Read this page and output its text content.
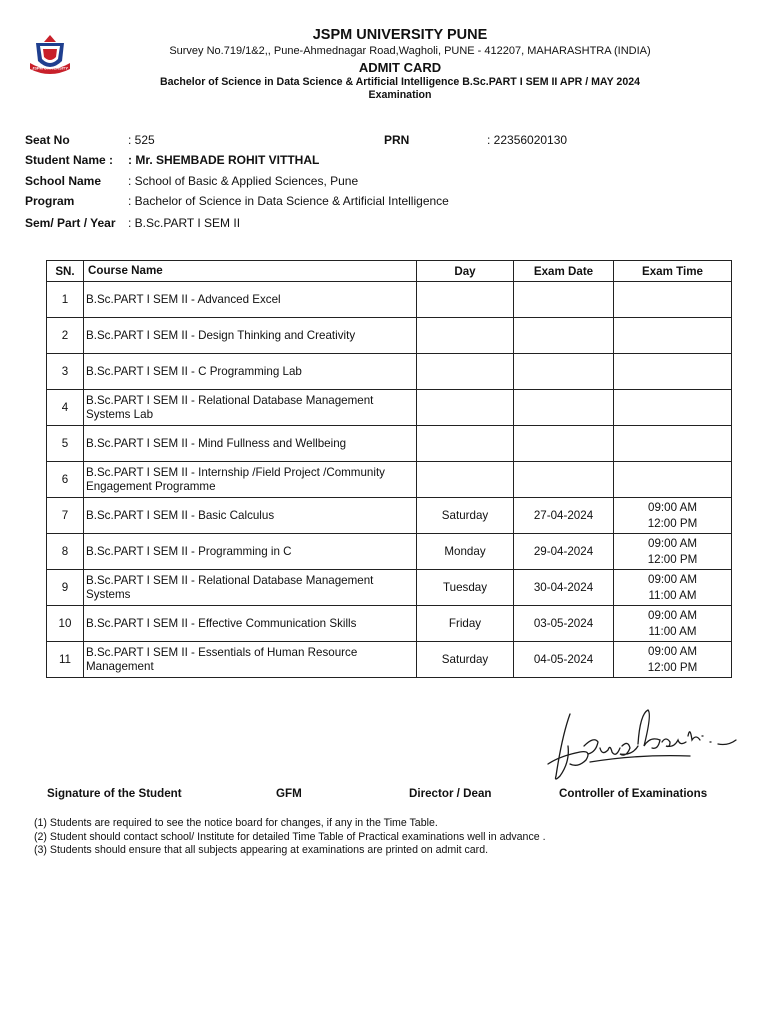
JSPM UNIVERSITY
JSPM UNIVERSITY PUNE
Survey No.719/1&2,, Pune-Ahmednagar Road,Wagholi, PUNE - 412207, MAHARASHTRA (INDIA)
ADMIT CARD
Bachelor of Science in Data Science & Artificial Intelligence B.Sc.PART I SEM II APR / MAY 2024
Examination
Seat No	: 525	PRN	: 22356020130
Student Name : : Mr. SHEMBADE ROHIT VITTHAL
School Name : School of Basic & Applied Sciences, Pune
Program	: Bachelor of Science in Data Science & Artificial Intelligence
Sem/ Part / Year : B.Sc.PART I SEM II
SN.	Course Name	Day	Exam Date	Exam Time
1	B.Sc.PART I SEM II - Advanced Excel			

2	B.Sc.PART I SEM II - Design Thinking and Creativity			

3	B.Sc.PART I SEM II - C Programming Lab			

4	B.Sc.PART I SEM II - Relational Database Management Systems Lab			

5	B.Sc.PART I SEM II - Mind Fullness and Wellbeing			

6	B.Sc.PART I SEM II - Internship /Field Project /Community Engagement Programme			

7	B.Sc.PART I SEM II - Basic Calculus	Saturday	27-04-2024	09:00 AM
12:00 PM

8	B.Sc.PART I SEM II - Programming in C	Monday	29-04-2024	09:00 AM
12:00 PM

9	B.Sc.PART I SEM II - Relational Database Management Systems	Tuesday	30-04-2024	09:00 AM
11:00 AM

10	B.Sc.PART I SEM II - Effective Communication Skills	Friday	03-05-2024	09:00 AM
11:00 AM

11	B.Sc.PART I SEM II - Essentials of Human Resource Management	Saturday	04-05-2024	09:00 AM
12:00 PM
Signature of the Student	GFM	Director / Dean	Controller of Examinations
(1) Students are required to see the notice board for changes, if any in the Time Table.
(2) Student should contact school/ Institute for detailed Time Table of Practical examinations well in advance .
(3) Students should ensure that all subjects appearing at examinations are printed on admit card.
